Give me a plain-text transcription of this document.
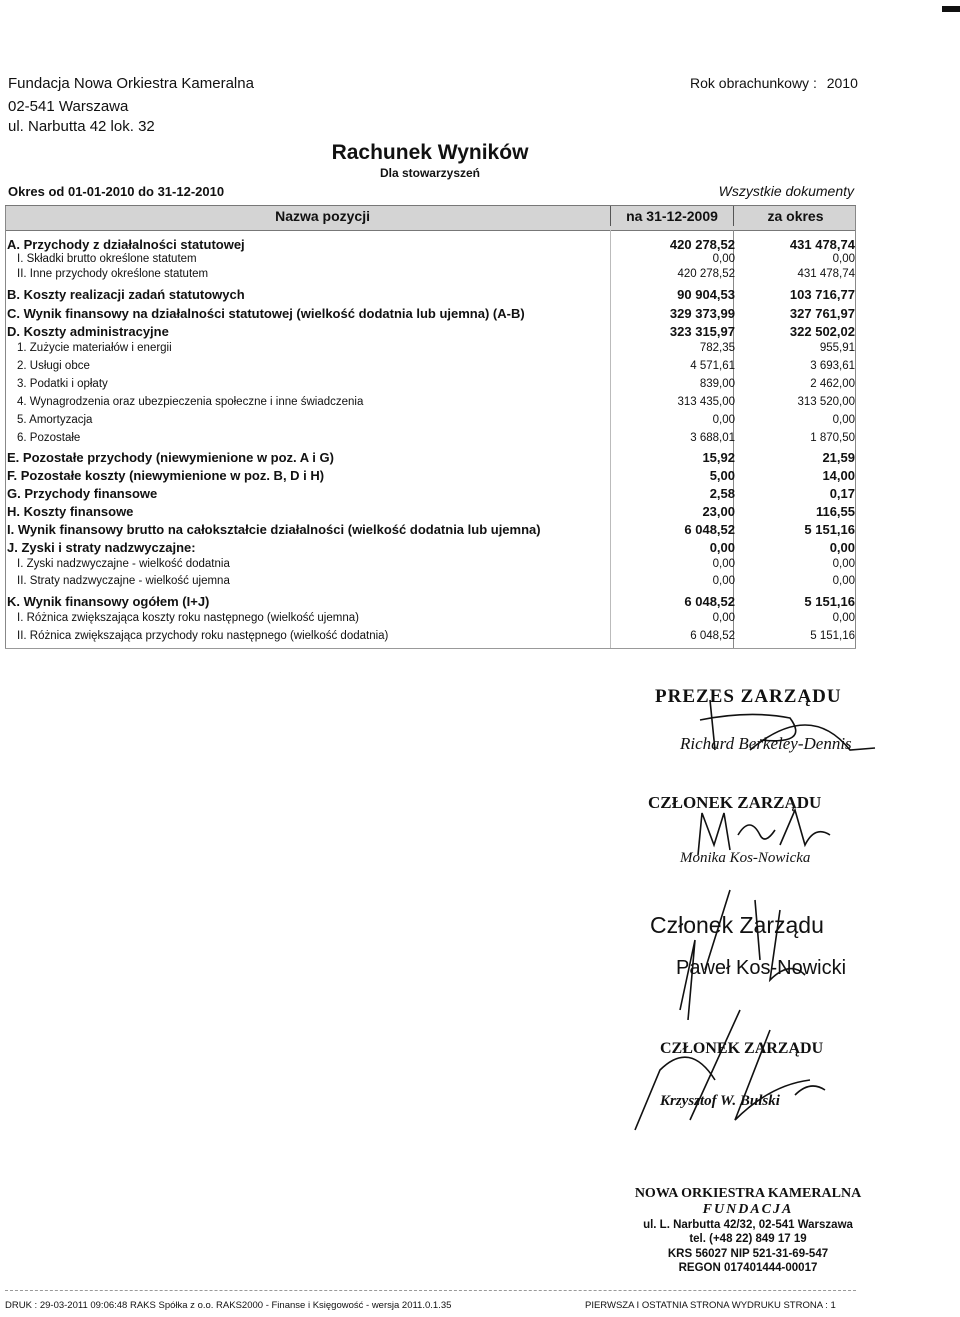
Fundacja Nowa Orkiestra Kameralna
02-541 Warszawa
ul. Narbutta 42 lok. 32
Rok obrachunkowy : 2010
Rachunek Wyników
Dla stowarzyszeń
Okres od 01-01-2010 do 31-12-2010	Wszystkie dokumenty
Nazwa pozycji	na 31-12-2009	za okres
A. Przychody z działalności statutowej	420 278,52	431 478,74
I. Składki brutto określone statutem	0,00	0,00
II. Inne przychody określone statutem	420 278,52	431 478,74
B. Koszty realizacji zadań statutowych	90 904,53	103 716,77
C. Wynik finansowy na działalności statutowej (wielkość dodatnia lub ujemna) (A-B)	329 373,99	327 761,97
D. Koszty administracyjne	323 315,97	322 502,02
1. Zużycie materiałów i energii	782,35	955,91
2. Usługi obce	4 571,61	3 693,61
3. Podatki i opłaty	839,00	2 462,00
4. Wynagrodzenia oraz ubezpieczenia społeczne i inne świadczenia	313 435,00	313 520,00
5. Amortyzacja	0,00	0,00
6. Pozostałe	3 688,01	1 870,50
E. Pozostałe przychody (niewymienione w poz. A i G)	15,92	21,59
F. Pozostałe koszty (niewymienione w poz. B, D i H)	5,00	14,00
G. Przychody finansowe	2,58	0,17
H. Koszty finansowe	23,00	116,55
I. Wynik finansowy brutto na całokształcie działalności (wielkość dodatnia lub ujemna)	6 048,52	5 151,16
J. Zyski i straty nadzwyczajne:	0,00	0,00
I. Zyski nadzwyczajne - wielkość dodatnia	0,00	0,00
II. Straty nadzwyczajne - wielkość ujemna	0,00	0,00
K. Wynik finansowy ogółem (I+J)	6 048,52	5 151,16
I. Różnica zwiększająca koszty roku następnego (wielkość ujemna)	0,00	0,00
II. Różnica zwiększająca przychody roku następnego (wielkość dodatnia)	6 048,52	5 151,16
PREZES ZARZĄDU
Richard Berkeley-Dennis
CZŁONEK ZARZĄDU
Monika Kos-Nowicka
Członek Zarządu
Paweł Kos-Nowicki
CZŁONEK ZARZĄDU
Krzysztof W. Bulski
NOWA ORKIESTRA KAMERALNA
FUNDACJA
ul. L. Narbutta 42/32, 02-541 Warszawa
tel. (+48 22) 849 17 19
KRS 56027 NIP 521-31-69-547
REGON 017401444-00017
DRUK : 29-03-2011 09:06:48 RAKS Spółka z o.o. RAKS2000 - Finanse i Księgowość - wersja 2011.0.1.35	PIERWSZA I OSTATNIA STRONA WYDRUKU STRONA : 1
